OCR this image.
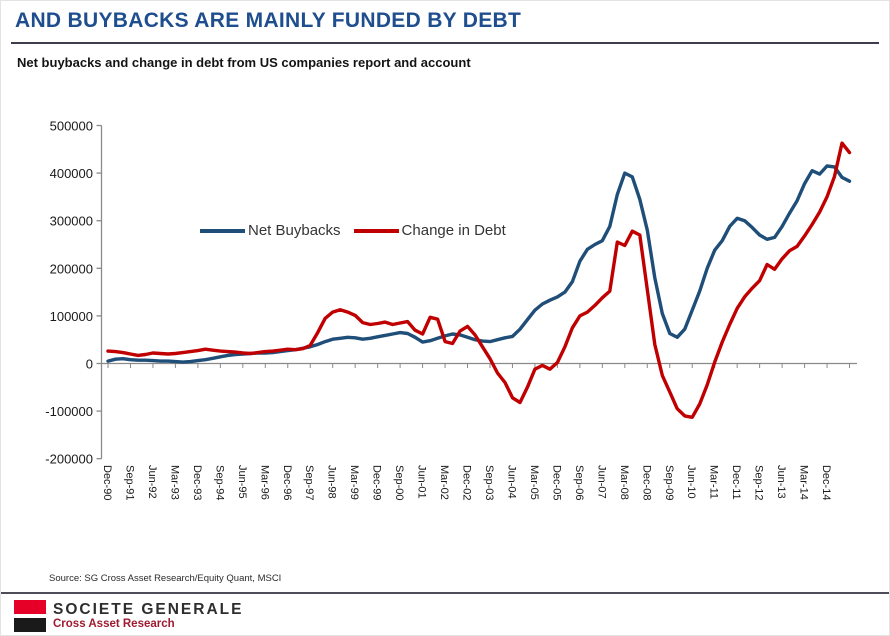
AND BUYBACKS ARE MAINLY FUNDED BY DEBT
Net buybacks and change in debt from US companies report and account
-200000
-100000
0
100000
200000
300000
400000
500000
Dec-90 Sep-91 Jun-92 Mar-93 Dec-93 Sep-94 Jun-95 Mar-96 Dec-96 Sep-97 Jun-98 Mar-99 Dec-99 Sep-00 Jun-01 Mar-02 Dec-02 Sep-03 Jun-04 Mar-05 Dec-05 Sep-06 Jun-07 Mar-08 Dec-08 Sep-09 Jun-10 Mar-11 Dec-11 Sep-12 Jun-13 Mar-14 Dec-14
Net Buybacks	Change in Debt
Source: SG Cross Asset Research/Equity Quant, MSCI
SOCIETE GENERALE
Cross Asset Research
